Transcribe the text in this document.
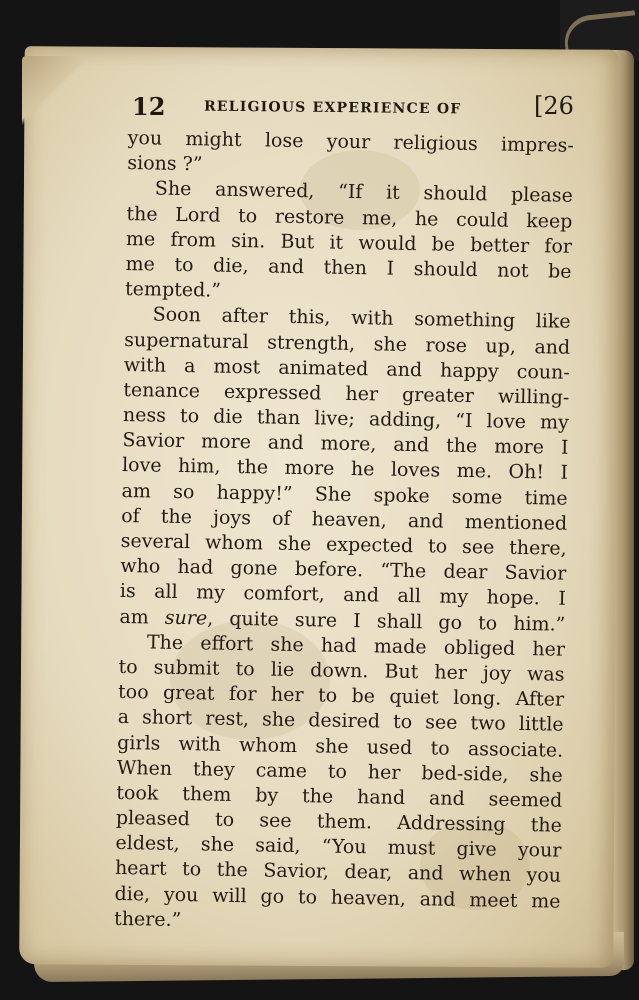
12	RELIGIOUS EXPERIENCE OF	[26
you might lose your religious impres-
sions ?”
She answered, “If it should please
the Lord to restore me, he could keep
me from sin. But it would be better for
me to die, and then I should not be
tempted.”
Soon after this, with something like
supernatural strength, she rose up, and
with a most animated and happy coun-
tenance expressed her greater willing-
ness to die than live; adding, “I love my
Savior more and more, and the more I
love him, the more he loves me. Oh! I
am so happy!” She spoke some time
of the joys of heaven, and mentioned
several whom she expected to see there,
who had gone before. “The dear Savior
is all my comfort, and all my hope. I
am sure, quite sure I shall go to him.”
The effort she had made obliged her
to submit to lie down. But her joy was
too great for her to be quiet long. After
a short rest, she desired to see two little
girls with whom she used to associate.
When they came to her bed-side, she
took them by the hand and seemed
pleased to see them. Addressing the
eldest, she said, “You must give your
heart to the Savior, dear, and when you
die, you will go to heaven, and meet me
there.”
